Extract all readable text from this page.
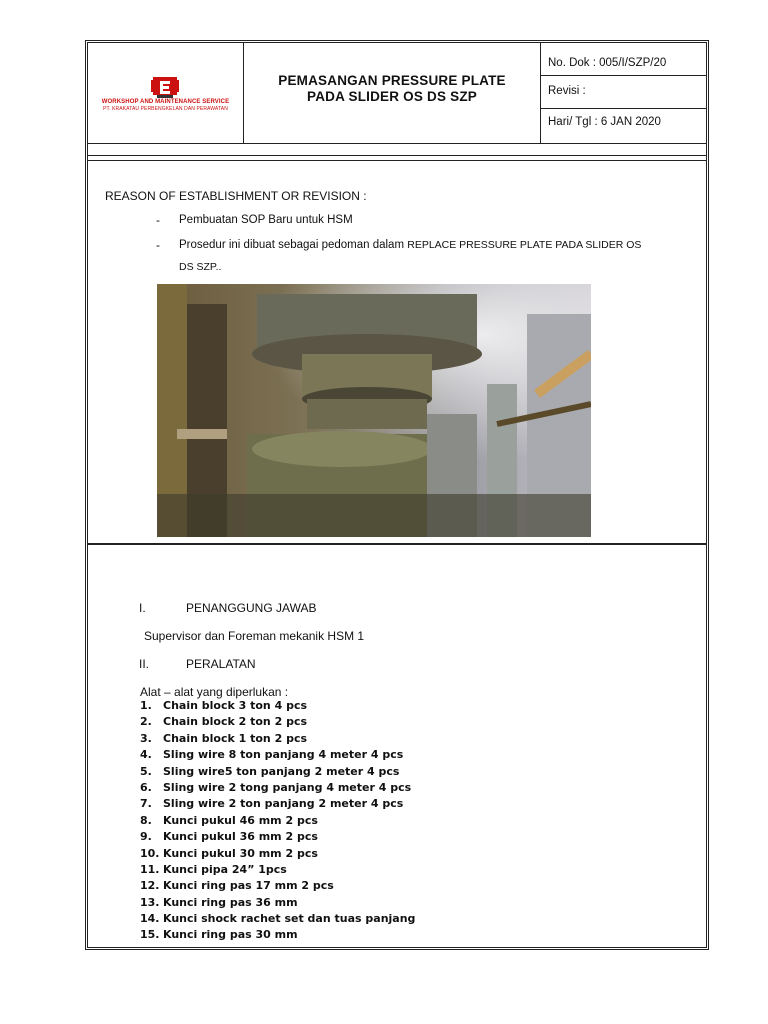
WORKSHOP AND MAINTENANCE SERVICE
PT. KRAKATAU PERBENGKELAN DAN PERAWATAN
PEMASANGAN PRESSURE PLATE
PADA SLIDER OS DS SZP
No. Dok : 005/I/SZP/20
Revisi :
Hari/ Tgl : 6 JAN 2020
REASON OF ESTABLISHMENT OR REVISION :
- Pembuatan SOP Baru untuk HSM
- Prosedur ini dibuat sebagai pedoman dalam REPLACE PRESSURE PLATE PADA SLIDER OS
DS SZP..
I.	PENANGGUNG JAWAB
Supervisor dan Foreman mekanik HSM 1
II.	PERALATAN
Alat – alat yang diperlukan :
1. Chain block 3 ton 4 pcs
2. Chain block 2 ton 2 pcs
3. Chain block 1 ton 2 pcs
4. Sling wire 8 ton panjang 4 meter 4 pcs
5. Sling wire5 ton panjang 2 meter 4 pcs
6. Sling wire 2 tong panjang 4 meter 4 pcs
7. Sling wire 2 ton panjang 2 meter 4 pcs
8. Kunci pukul 46 mm 2 pcs
9. Kunci pukul 36 mm 2 pcs
10. Kunci pukul 30 mm 2 pcs
11. Kunci pipa 24” 1pcs
12. Kunci ring pas 17 mm 2 pcs
13. Kunci ring pas 36 mm
14. Kunci shock rachet set dan tuas panjang
15. Kunci ring pas 30 mm
